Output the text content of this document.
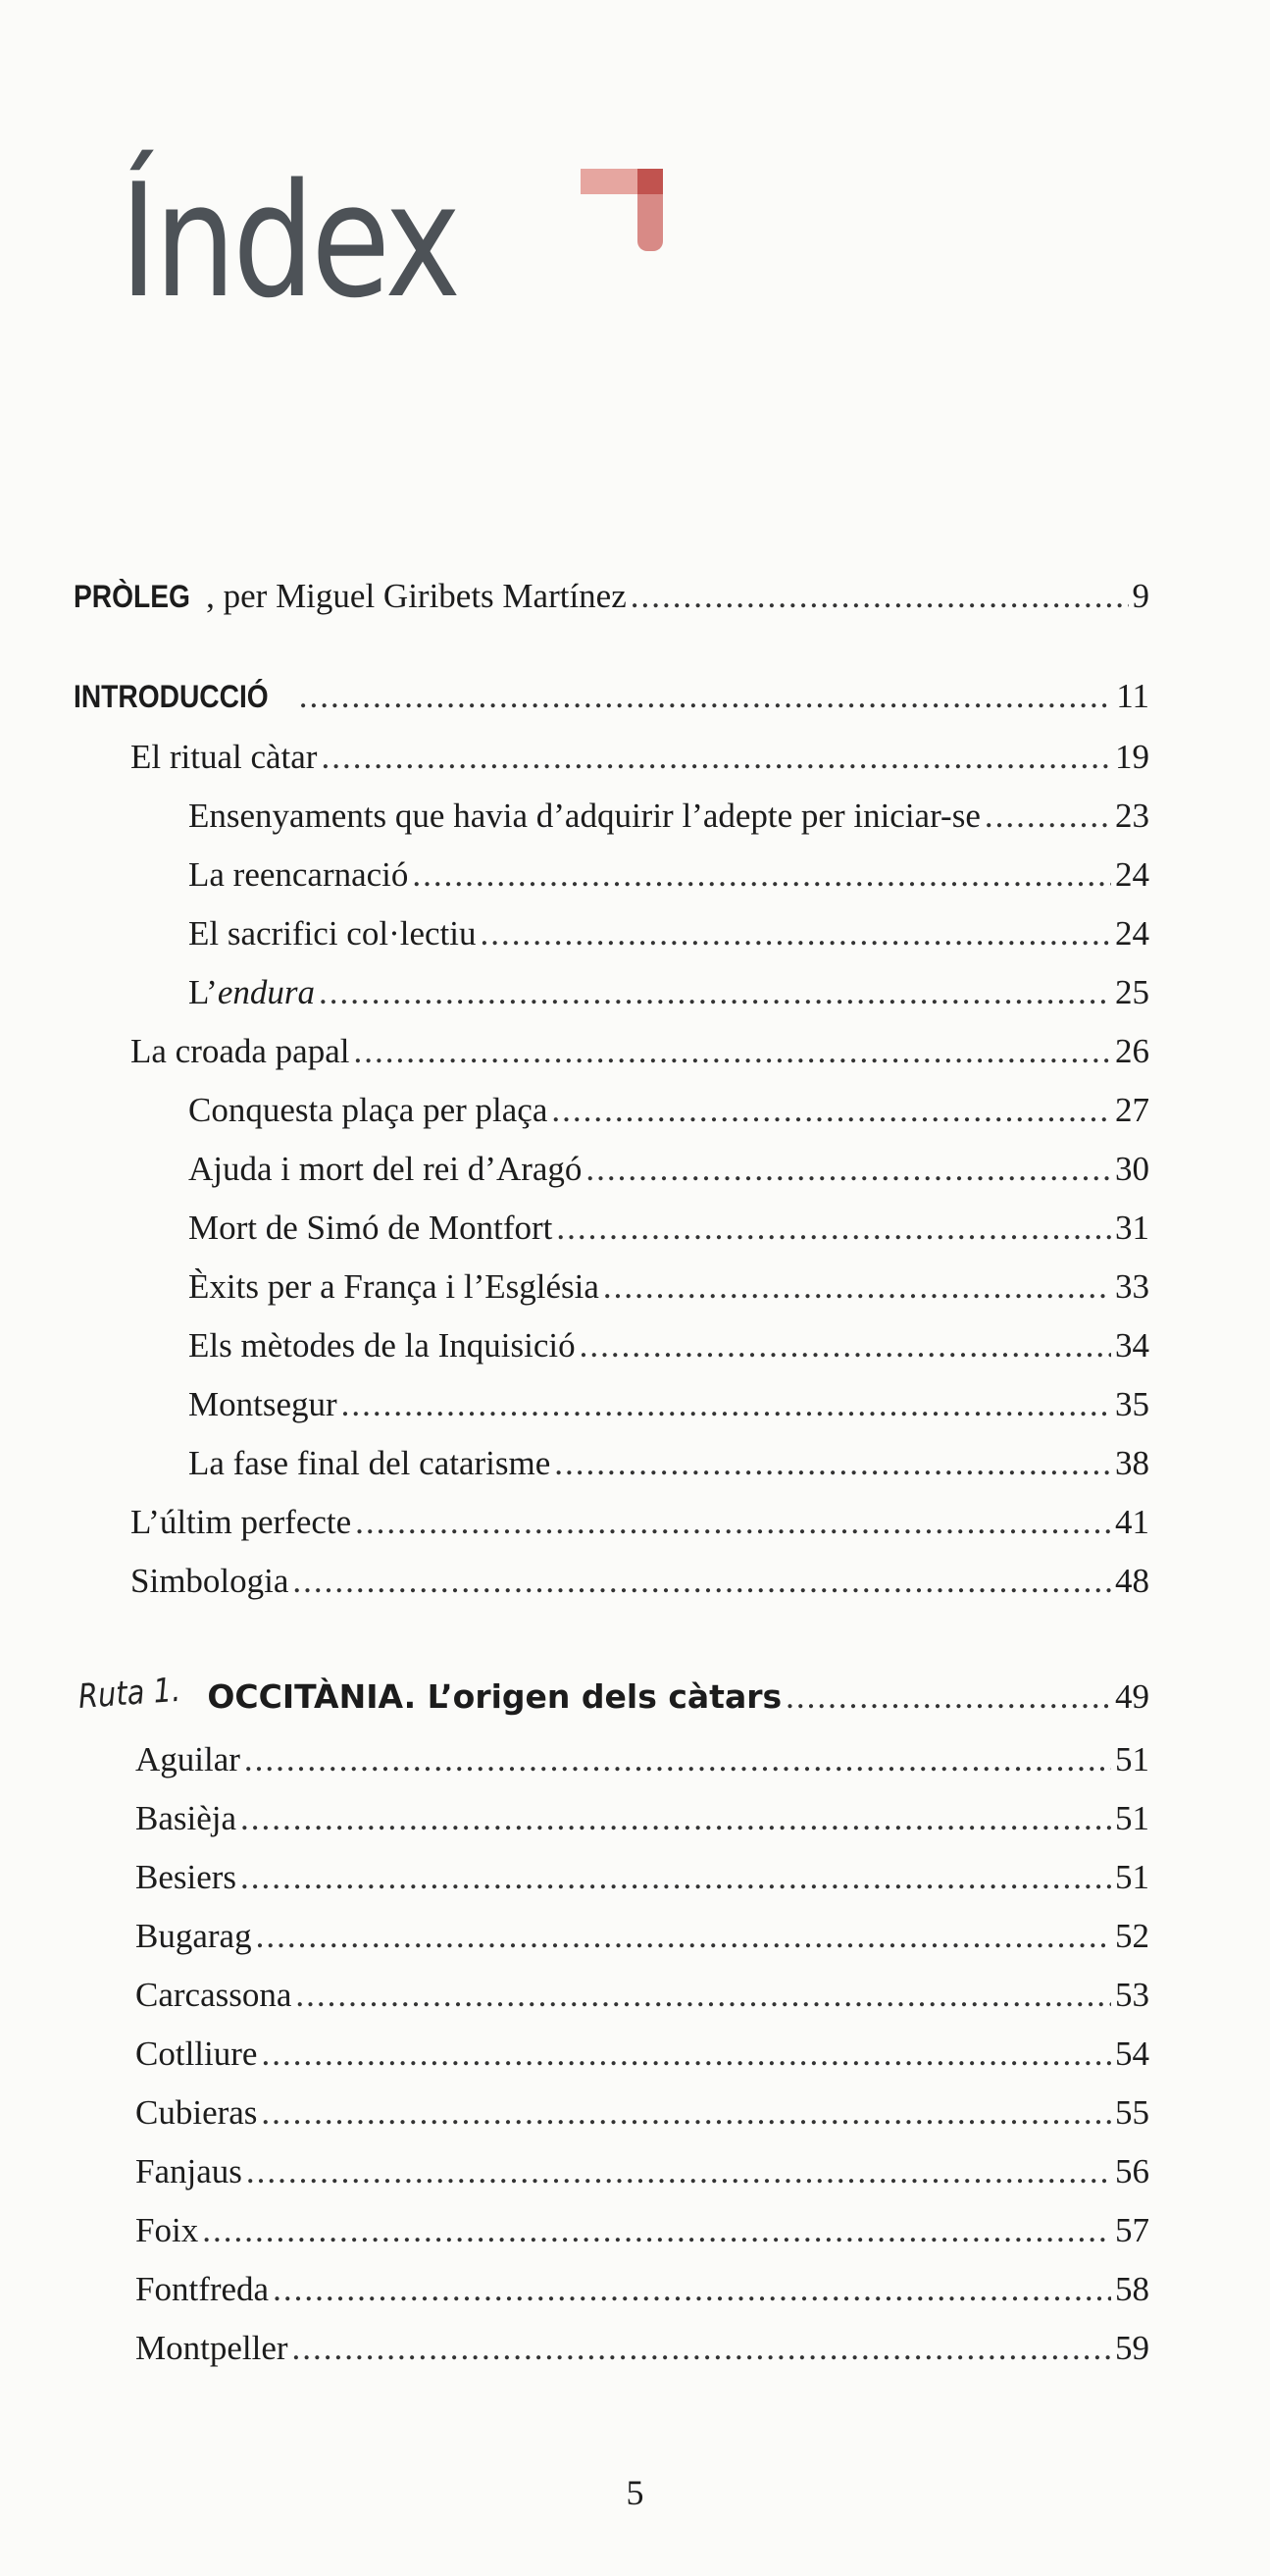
Índex
PRÒLEG , per Miguel Giribets Martínez .....	9
INTRODUCCIÓ .....	11
El ritual càtar .....	19
Ensenyaments que havia d’adquirir l’adepte per iniciar-se .....	23
La reencarnació .....	24
El sacrifici col·lectiu .....	24
L’endura .....	25
La croada papal .....	26
Conquesta plaça per plaça .....	27
Ajuda i mort del rei d’Aragó .....	30
Mort de Simó de Montfort .....	31
Èxits per a França i l’Església .....	33
Els mètodes de la Inquisició .....	34
Montsegur .....	35
La fase final del catarisme .....	38
L’últim perfecte .....	41
Simbologia .....	48
Ruta 1. OCCITÀNIA. L’origen dels càtars .....	49
Aguilar .....	51
Basièja .....	51
Besiers .....	51
Bugarag .....	52
Carcassona .....	53
Cotlliure .....	54
Cubieras .....	55
Fanjaus .....	56
Foix .....	57
Fontfreda .....	58
Montpeller .....	59
5
